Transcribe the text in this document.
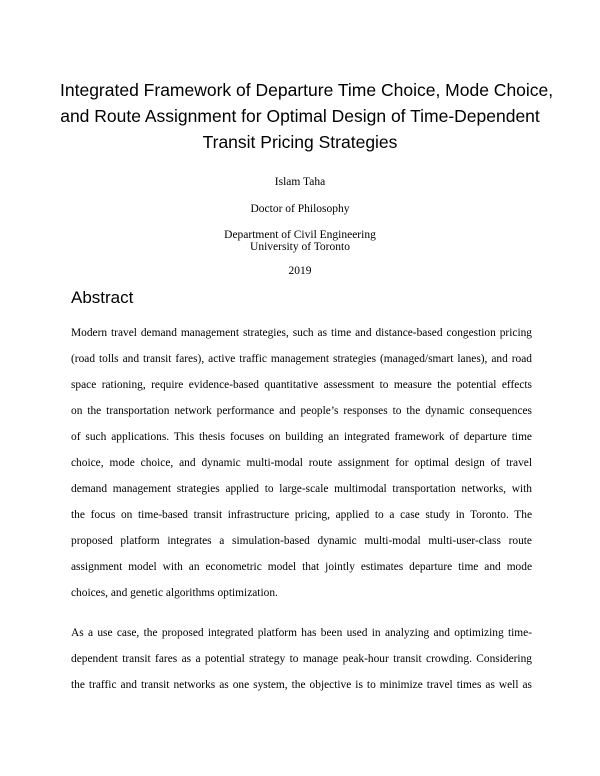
Integrated Framework of Departure Time Choice, Mode Choice,
and Route Assignment for Optimal Design of Time-Dependent
Transit Pricing Strategies
Islam Taha
Doctor of Philosophy
Department of Civil Engineering
University of Toronto
2019
Abstract
Modern travel demand management strategies, such as time and distance-based congestion pricing
(road tolls and transit fares), active traffic management strategies (managed/smart lanes), and road
space rationing, require evidence-based quantitative assessment to measure the potential effects
on the transportation network performance and people’s responses to the dynamic consequences
of such applications. This thesis focuses on building an integrated framework of departure time
choice, mode choice, and dynamic multi-modal route assignment for optimal design of travel
demand management strategies applied to large-scale multimodal transportation networks, with
the focus on time-based transit infrastructure pricing, applied to a case study in Toronto. The
proposed platform integrates a simulation-based dynamic multi-modal multi-user-class route
assignment model with an econometric model that jointly estimates departure time and mode
choices, and genetic algorithms optimization.
As a use case, the proposed integrated platform has been used in analyzing and optimizing time-
dependent transit fares as a potential strategy to manage peak-hour transit crowding. Considering
the traffic and transit networks as one system, the objective is to minimize travel times as well as
